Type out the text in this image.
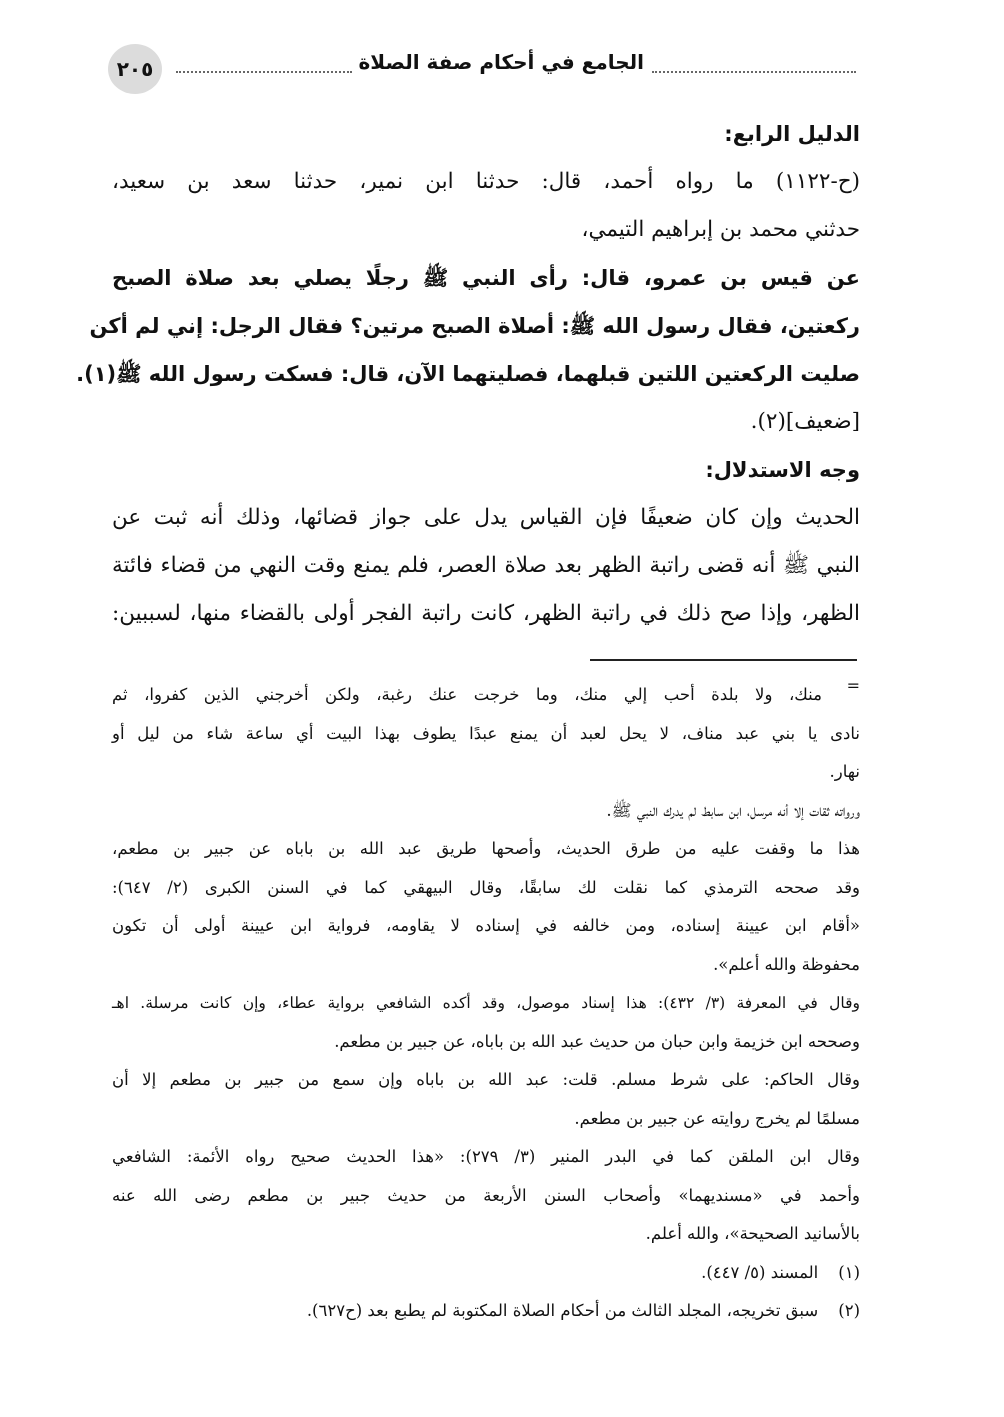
الجامع في أحكام صفة الصلاة
٢٠٥
الدليل الرابع:
(ح-١١٢٢) ما رواه أحمد، قال: حدثنا ابن نمير، حدثنا سعد بن سعيد،
حدثني محمد بن إبراهيم التيمي،
عن قيس بن عمرو، قال: رأى النبي ﷺ رجلًا يصلي بعد صلاة الصبح
ركعتين، فقال رسول الله ﷺ: أصلاة الصبح مرتين؟ فقال الرجل: إني لم أكن
صليت الركعتين اللتين قبلهما، فصليتهما الآن، قال: فسكت رسول الله ﷺ(١).
[ضعيف](٢).
وجه الاستدلال:
الحديث وإن كان ضعيفًا فإن القياس يدل على جواز قضائها، وذلك أنه ثبت عن
النبي ﷺ أنه قضى راتبة الظهر بعد صلاة العصر، فلم يمنع وقت النهي من قضاء فائتة
الظهر، وإذا صح ذلك في راتبة الظهر، كانت راتبة الفجر أولى بالقضاء منها، لسببين:
=
منك، ولا بلدة أحب إلي منك، وما خرجت عنك رغبة، ولكن أخرجني الذين كفروا، ثم
نادى يا بني عبد مناف، لا يحل لعبد أن يمنع عبدًا يطوف بهذا البيت أي ساعة شاء من ليل أو
نهار.
ورواته ثقات إلا أنه مرسل، ابن سابط لم يدرك النبي ﷺ.
هذا ما وقفت عليه من طرق الحديث، وأصحها طريق عبد الله بن باباه عن جبير بن مطعم،
وقد صححه الترمذي كما نقلت لك سابقًا، وقال البيهقي كما في السنن الكبرى (٢/ ٦٤٧):
«أقام ابن عيينة إسناده، ومن خالفه في إسناده لا يقاومه، فرواية ابن عيينة أولى أن تكون
محفوظة والله أعلم».
وقال في المعرفة (٣/ ٤٣٢): هذا إسناد موصول، وقد أكده الشافعي برواية عطاء، وإن كانت مرسلة. اهـ
وصححه ابن خزيمة وابن حبان من حديث عبد الله بن باباه، عن جبير بن مطعم.
وقال الحاكم: على شرط مسلم. قلت: عبد الله بن باباه وإن سمع من جبير بن مطعم إلا أن
مسلمًا لم يخرج روايته عن جبير بن مطعم.
وقال ابن الملقن كما في البدر المنير (٣/ ٢٧٩): «هذا الحديث صحيح رواه الأئمة: الشافعي
وأحمد في «مسنديهما» وأصحاب السنن الأربعة من حديث جبير بن مطعم رضى الله عنه
بالأسانيد الصحيحة»، والله أعلم.
(١)المسند (٥/ ٤٤٧).
(٢)سبق تخريجه، المجلد الثالث من أحكام الصلاة المكتوبة لم يطبع بعد (ح٦٢٧).
